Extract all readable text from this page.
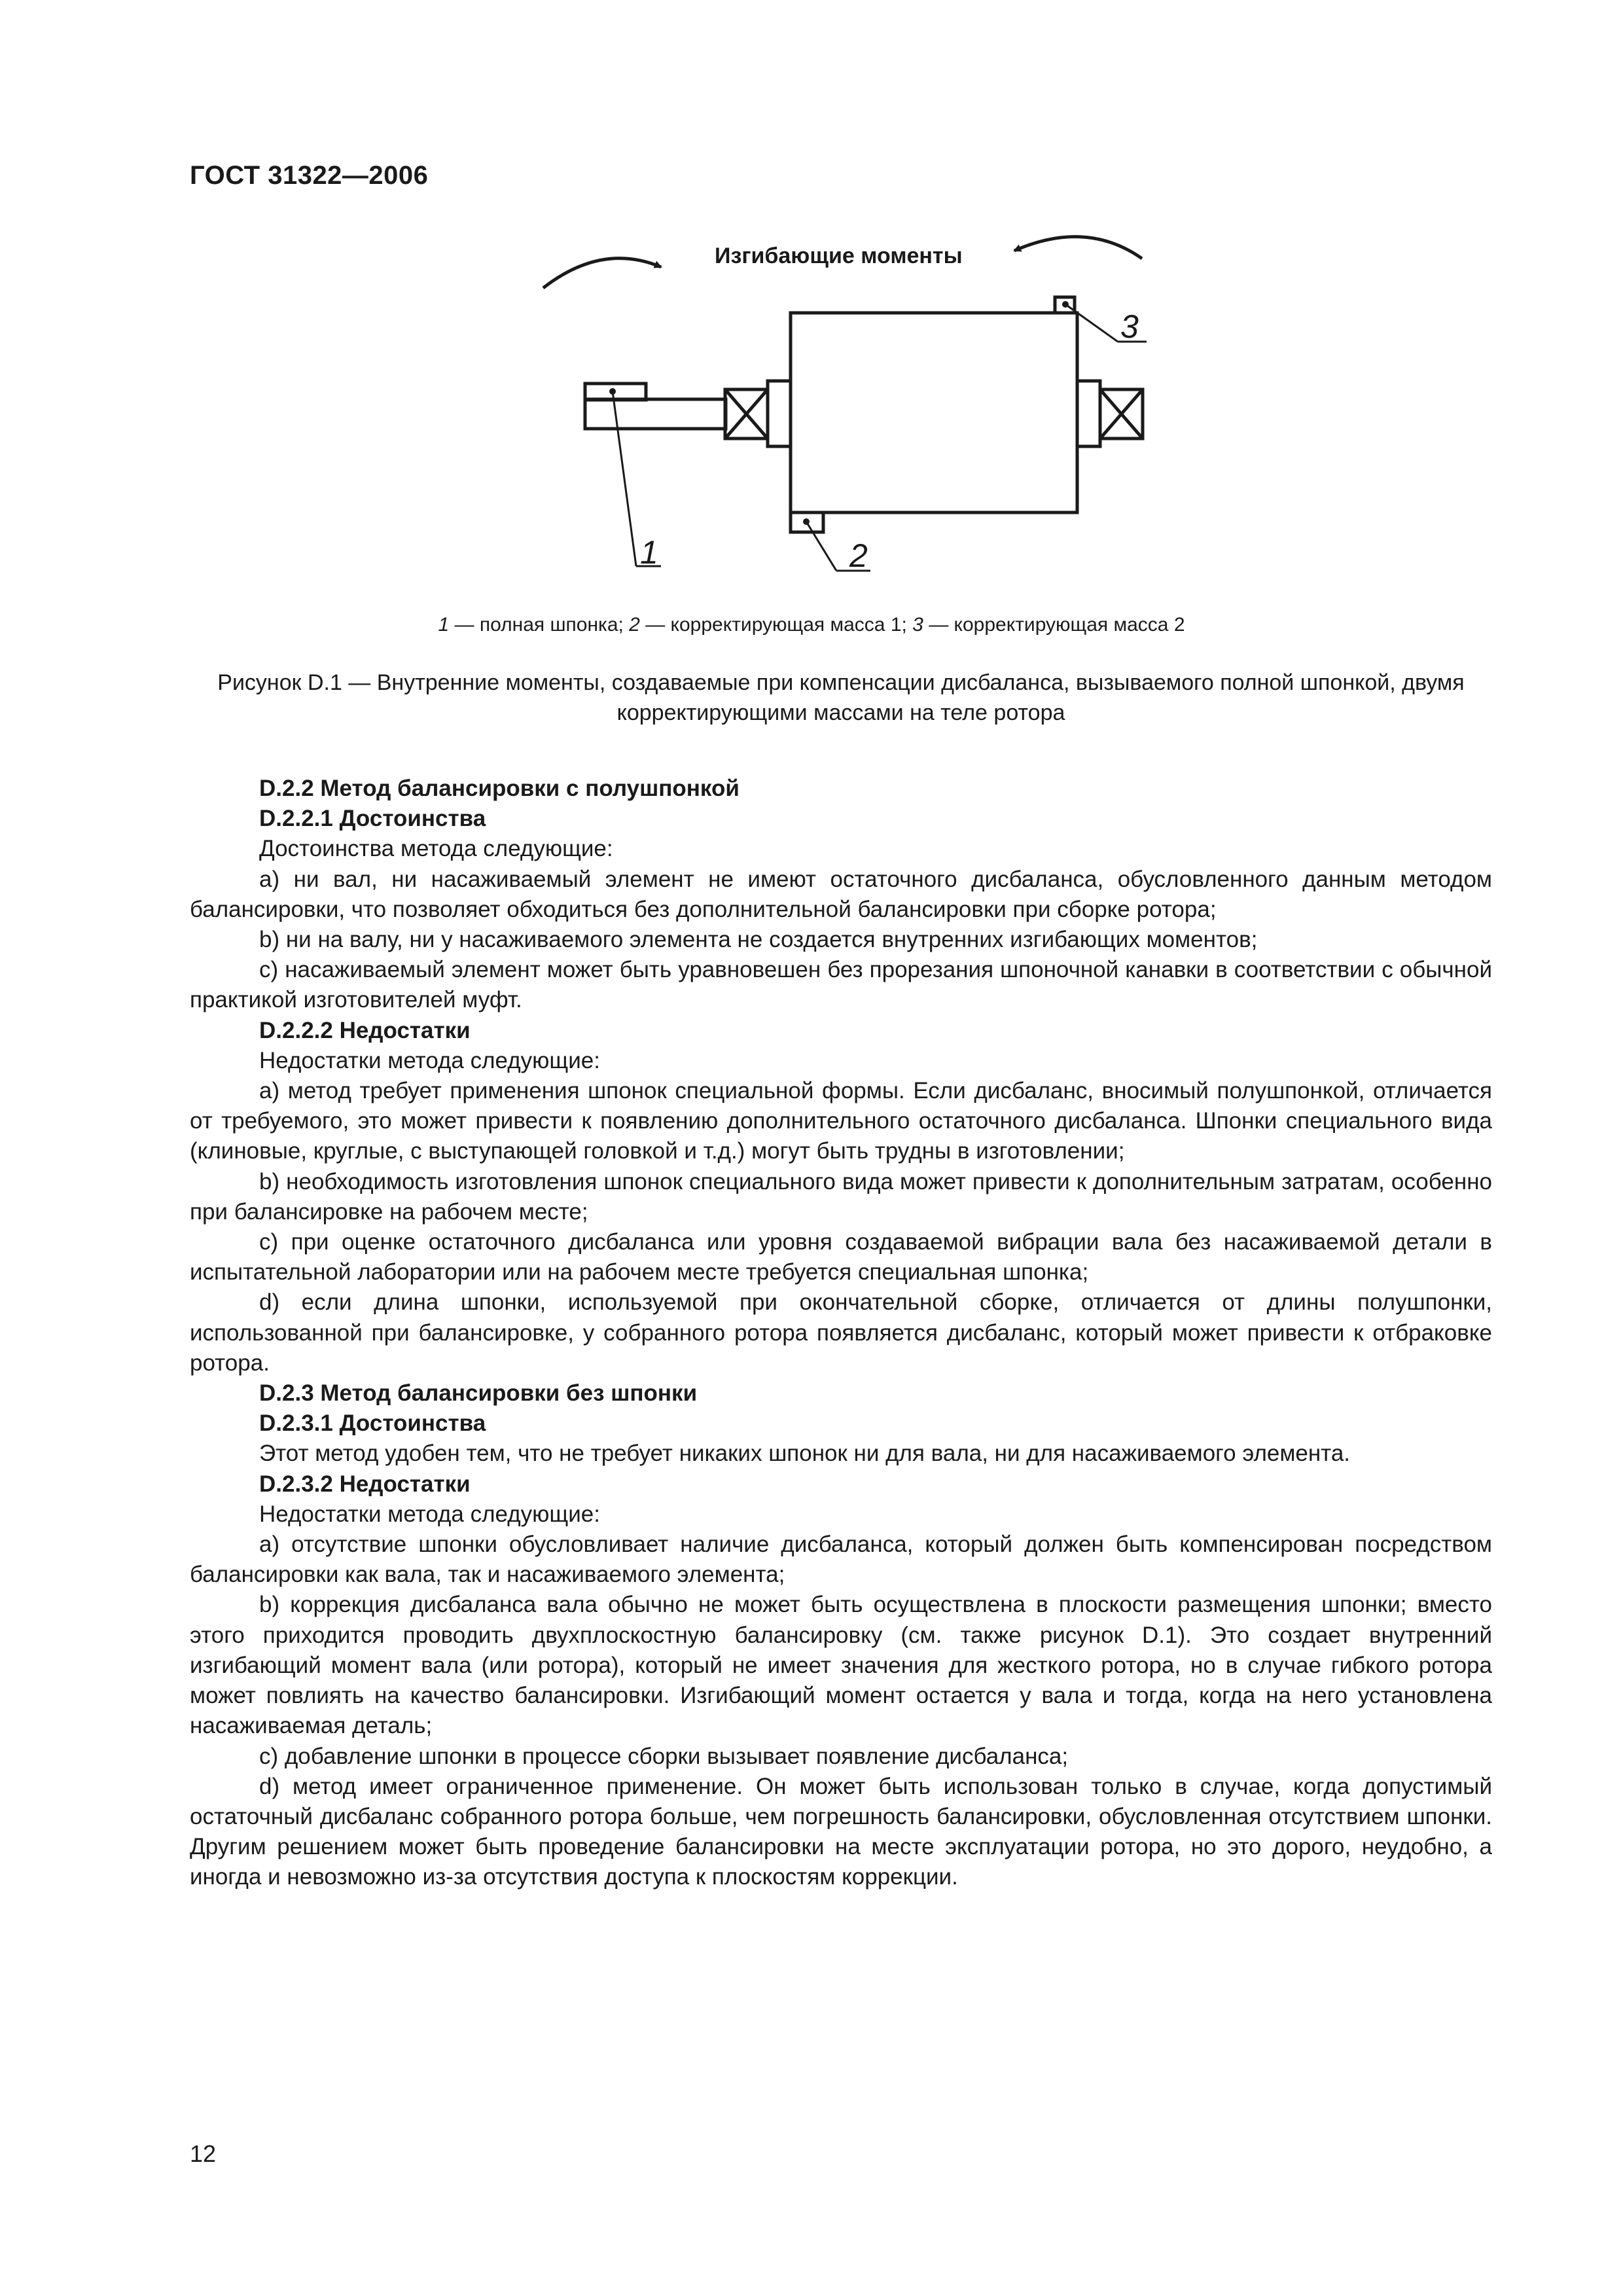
ГОСТ 31322—2006
Изгибающие моменты
1	2
3
1 — полная шпонка; 2 — корректирующая масса 1; 3 — корректирующая масса 2
Рисунок D.1 — Внутренние моменты, создаваемые при компенсации дисбаланса, вызываемого полной шпонкой, двумя корректирующими массами на теле ротора

D.2.2 Метод балансировки с полушпонкой

D.2.2.1 Достоинства

Достоинства метода следующие:

a) ни вал, ни насаживаемый элемент не имеют остаточного дисбаланса, обусловленного данным методом балансировки, что позволяет обходиться без дополнительной балансировки при сборке ротора;

b) ни на валу, ни у насаживаемого элемента не создается внутренних изгибающих моментов;

c) насаживаемый элемент может быть уравновешен без прорезания шпоночной канавки в соответствии с обычной практикой изготовителей муфт.

D.2.2.2 Недостатки

Недостатки метода следующие:

a) метод требует применения шпонок специальной формы. Если дисбаланс, вносимый полушпонкой, отличается от требуемого, это может привести к появлению дополнительного остаточного дисбаланса. Шпонки специального вида (клиновые, круглые, с выступающей головкой и т.д.) могут быть трудны в изготовлении;

b) необходимость изготовления шпонок специального вида может привести к дополнительным затратам, особенно при балансировке на рабочем месте;

c) при оценке остаточного дисбаланса или уровня создаваемой вибрации вала без насаживаемой детали в испытательной лаборатории или на рабочем месте требуется специальная шпонка;

d) если длина шпонки, используемой при окончательной сборке, отличается от длины полушпонки, использованной при балансировке, у собранного ротора появляется дисбаланс, который может привести к отбраковке ротора.

D.2.3 Метод балансировки без шпонки

D.2.3.1 Достоинства

Этот метод удобен тем, что не требует никаких шпонок ни для вала, ни для насаживаемого элемента.

D.2.3.2 Недостатки

Недостатки метода следующие:

a) отсутствие шпонки обусловливает наличие дисбаланса, который должен быть компенсирован посредством балансировки как вала, так и насаживаемого элемента;

b) коррекция дисбаланса вала обычно не может быть осуществлена в плоскости размещения шпонки; вместо этого приходится проводить двухплоскостную балансировку (см. также рисунок D.1). Это создает внутренний изгибающий момент вала (или ротора), который не имеет значения для жесткого ротора, но в случае гибкого ротора может повлиять на качество балансировки. Изгибающий момент остается у вала и тогда, когда на него установлена насаживаемая деталь;

c) добавление шпонки в процессе сборки вызывает появление дисбаланса;

d) метод имеет ограниченное применение. Он может быть использован только в случае, когда допустимый остаточный дисбаланс собранного ротора больше, чем погрешность балансировки, обусловленная отсутствием шпонки. Другим решением может быть проведение балансировки на месте эксплуатации ротора, но это дорого, неудобно, а иногда и невозможно из-за отсутствия доступа к плоскостям коррекции.

12
